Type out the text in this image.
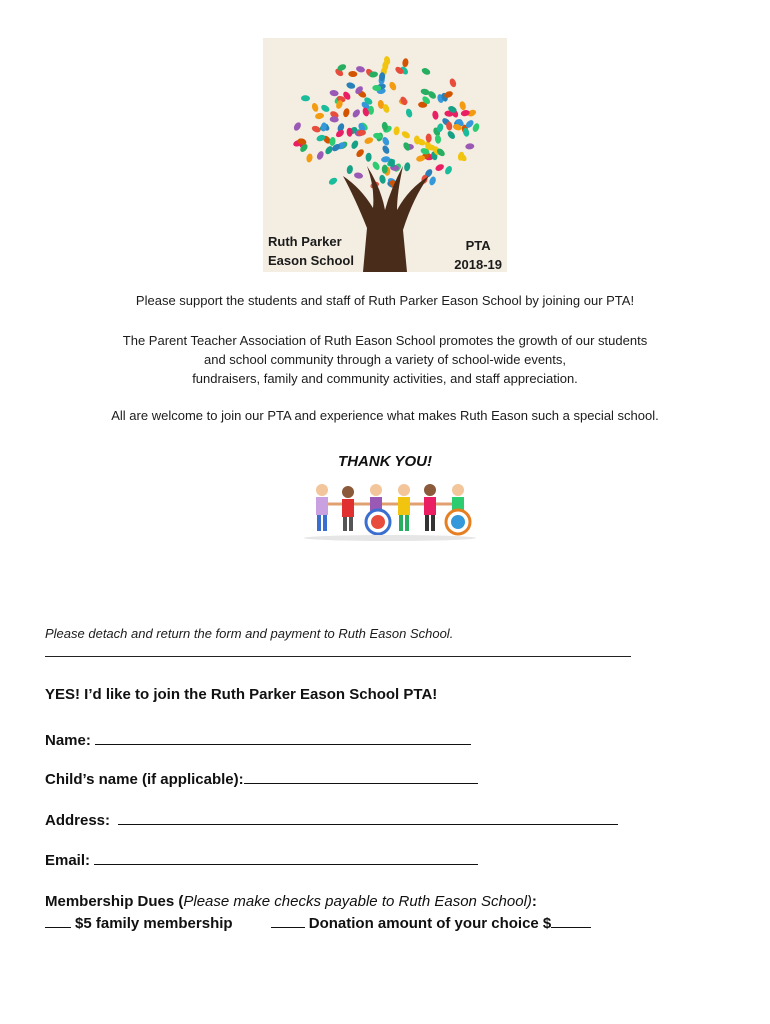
Ruth Parker
Eason School
PTA
2018-19
Please support the students and staff of Ruth Parker Eason School by joining our PTA!
The Parent Teacher Association of Ruth Eason School promotes the growth of our students
and school community through a variety of school-wide events,
fundraisers, family and community activities, and staff appreciation.
All are welcome to join our PTA and experience what makes Ruth Eason such a special school.
THANK YOU!
Please detach and return the form and payment to Ruth Eason School.
YES! I’d like to join the Ruth Parker Eason School PTA!
Name:
Child’s name (if applicable):
Address:
Email:
Membership Dues (Please make checks payable to Ruth Eason School):
$5 family membership	Donation amount of your choice $
